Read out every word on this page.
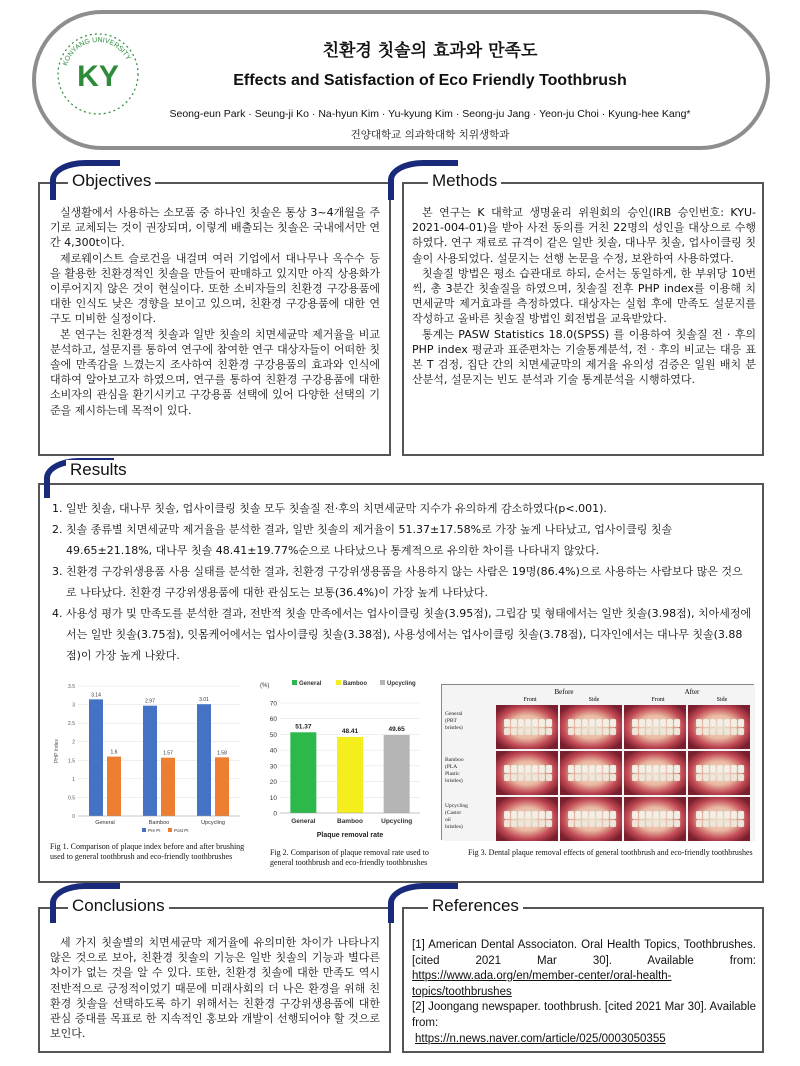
KONYANG UNIVERSITY
KY
친환경 칫솔의 효과와 만족도
Effects and Satisfaction of Eco Friendly Toothbrush
Seong-eun Park · Seung-ji Ko · Na-hyun Kim · Yu-kyung Kim · Seong-ju Jang · Yeon-ju Choi · Kyung-hee Kang*
건양대학교 의과학대학 치위생학과
Objectives

실생활에서 사용하는 소모품 중 하나인 칫솔은 통상 3~4개월을 주기로 교체되는 것이 권장되며, 이렇게 배출되는 칫솔은 국내에서만 연간 4,300t이다.

제로웨이스트 슬로건을 내걸며 여러 기업에서 대나무나 옥수수 등을 활용한 친환경적인 칫솔을 만들어 판매하고 있지만 아직 상용화가 이루어지지 않은 것이 현실이다. 또한 소비자들의 친환경 구강용품에 대한 인식도 낮은 경향을 보이고 있으며, 친환경 구강용품에 대한 연구도 미비한 실정이다.

본 연구는 친환경적 칫솔과 일반 칫솔의 치면세균막 제거율을 비교 분석하고, 설문지를 통하여 연구에 참여한 연구 대상자들이 어떠한 칫솔에 만족감을 느꼈는지 조사하여 친환경 구강용품의 효과와 인식에 대하여 알아보고자 하였으며, 연구를 통하여 친환경 구강용품에 대한 소비자의 관심을 환기시키고 구강용품 선택에 있어 다양한 선택의 기준을 제시하는데 목적이 있다.

Methods

본 연구는 K 대학교 생명윤리 위원회의 승인(IRB 승인번호: KYU-2021-004-01)을 받아 사전 동의를 거친 22명의 성인을 대상으로 수행하였다. 연구 재료로 규격이 같은 일반 칫솔, 대나무 칫솔, 업사이클링 칫솔이 사용되었다. 설문지는 선행 논문을 수정, 보완하여 사용하였다.

칫솔질 방법은 평소 습관대로 하되, 순서는 동일하게, 한 부위당 10번씩, 총 3분간 칫솔질을 하였으며, 칫솔질 전후 PHP index를 이용해 치면세균막 제거효과를 측정하였다. 대상자는 실험 후에 만족도 설문지를 작성하고 올바른 칫솔질 방법인 회전법을 교육받았다.

통계는 PASW Statistics 18.0(SPSS) 를 이용하여 칫솔질 전 · 후의 PHP index 평균과 표준편차는 기술통계분석, 전 · 후의 비교는 대응 표본 T 검정, 집단 간의 치면세균막의 제거율 유의성 검증은 일원 배치 분산분석, 설문지는 빈도 분석과 기술 통계분석을 시행하였다.

Results
1. 일반 칫솔, 대나무 칫솔, 업사이클링 칫솔 모두 칫솔질 전·후의 치면세균막 지수가 유의하게 감소하였다(p<.001).
2. 칫솔 종류별 치면세균막 제거율을 분석한 결과, 일반 칫솔의 제거율이 51.37±17.58%로 가장 높게 나타났고, 업사이클링 칫솔 49.65±21.18%, 대나무 칫솔 48.41±19.77%순으로 나타났으나 통계적으로 유의한 차이를 나타내지 않았다.
3. 친환경 구강위생용품 사용 실태를 분석한 결과, 친환경 구강위생용품을 사용하지 않는 사람은 19명(86.4%)으로 사용하는 사람보다 많은 것으로 나타났다. 친환경 구강위생용품에 대한 관심도는 보통(36.4%)이 가장 높게 나타났다.
4. 사용성 평가 및 만족도를 분석한 결과, 전반적 칫솔 만족에서는 업사이클링 칫솔(3.95점), 그립감 및 형태에서는 일반 칫솔(3.98점), 치아세정에서는 일반 칫솔(3.75점), 잇몸케어에서는 업사이클링 칫솔(3.38점), 사용성에서는 업사이클링 칫솔(3.78점), 디자인에서는 대나무 칫솔(3.88점)이 가장 높게 나왔다.
0
0.5
1
1.5
2
2.5
3
3.5
PHP Index
3.14
1.6
General
2.97
1.57
Bamboo
3.01
1.58
Upcycling
Pre PI	Post PI
Fig 1. Comparison of plaque index before and after brushing used to general toothbrush and eco-friendly toothbrushes
(%)
0
10
20
30
40
50
60
70
General	Bamboo	Upcycling
51.37
General
48.41
Bamboo
49.65
Upcycling
Plaque removal rate
Fig 2. Comparison of plaque removal rate used to general toothbrush and eco-friendly toothbrushes
Before	After
Front	Side	Front	Side
General
(PBT
bristles)
Bamboo
(PLA
Plastic
bristles)
Upcycling
(Castor
oil
bristles)
Fig 3. Dental plaque removal effects of general toothbrush and eco-friendly toothbrushes
Conclusions

세 가지 칫솔별의 치면세균막 제거율에 유의미한 차이가 나타나지 않은 것으로 보아, 친환경 칫솔의 기능은 일반 칫솔의 기능과 별다른 차이가 없는 것을 알 수 있다. 또한, 친환경 칫솔에 대한 만족도 역시 전반적으로 긍정적이었기 때문에 미래사회의 더 나은 환경을 위해 친환경 칫솔을 선택하도록 하기 위해서는 친환경 구강위생용품에 대한 관심 증대를 목표로 한 지속적인 홍보와 개발이 선행되어야 할 것으로 보인다.

References
[1] American Dental Associaton. Oral Health Topics, Toothbrushes. [cited 2021 Mar 30]. Available from: https://www.ada.org/en/member-center/oral-health-topics/toothbrushes
[2] Joongang newspaper. toothbrush. [cited 2021 Mar 30]. Available from:
https://n.news.naver.com/article/025/0003050355
